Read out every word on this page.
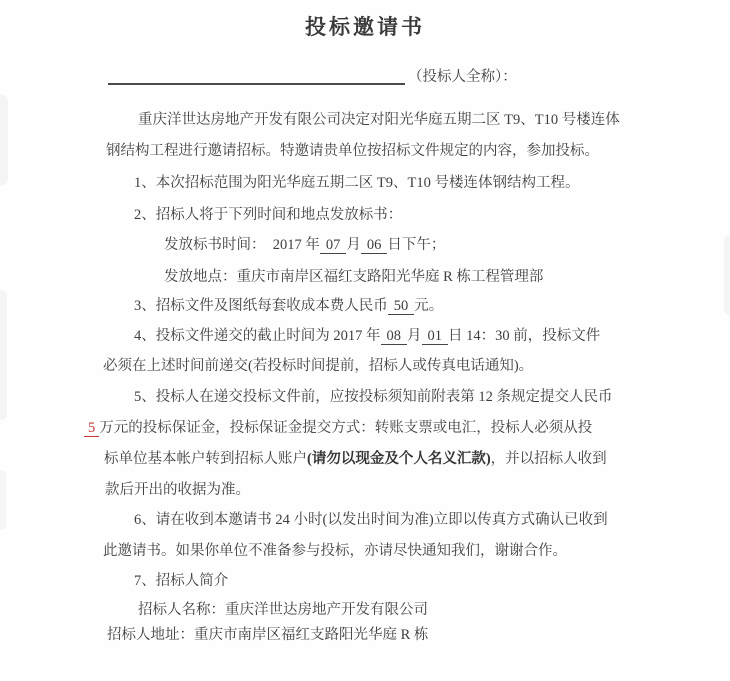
投标邀请书
（投标人全称）：
重庆洋世达房地产开发有限公司决定对阳光华庭五期二区 T9、T10 号楼连体
钢结构工程进行邀请招标。特邀请贵单位按招标文件规定的内容，参加投标。
1、本次招标范围为阳光华庭五期二区 T9、T10 号楼连体钢结构工程。
2、招标人将于下列时间和地点发放标书：
发放标书时间：  2017 年 07 月 06 日下午；
发放地点：重庆市南岸区福红支路阳光华庭 R 栋工程管理部
3、招标文件及图纸每套收成本费人民币 50 元。
4、投标文件递交的截止时间为 2017 年 08 月 01 日 14：30 前，投标文件
必须在上述时间前递交(若投标时间提前，招标人或传真电话通知)。
5、投标人在递交投标文件前，应按投标须知前附表第 12 条规定提交人民币
5 万元的投标保证金，投标保证金提交方式：转账支票或电汇，投标人必须从投
标单位基本帐户转到招标人账户(请勿以现金及个人名义汇款)，并以招标人收到
款后开出的收据为准。
6、请在收到本邀请书 24 小时(以发出时间为准)立即以传真方式确认已收到
此邀请书。如果你单位不准备参与投标，亦请尽快通知我们，谢谢合作。
7、招标人简介
招标人名称：重庆洋世达房地产开发有限公司
招标人地址：重庆市南岸区福红支路阳光华庭 R 栋
